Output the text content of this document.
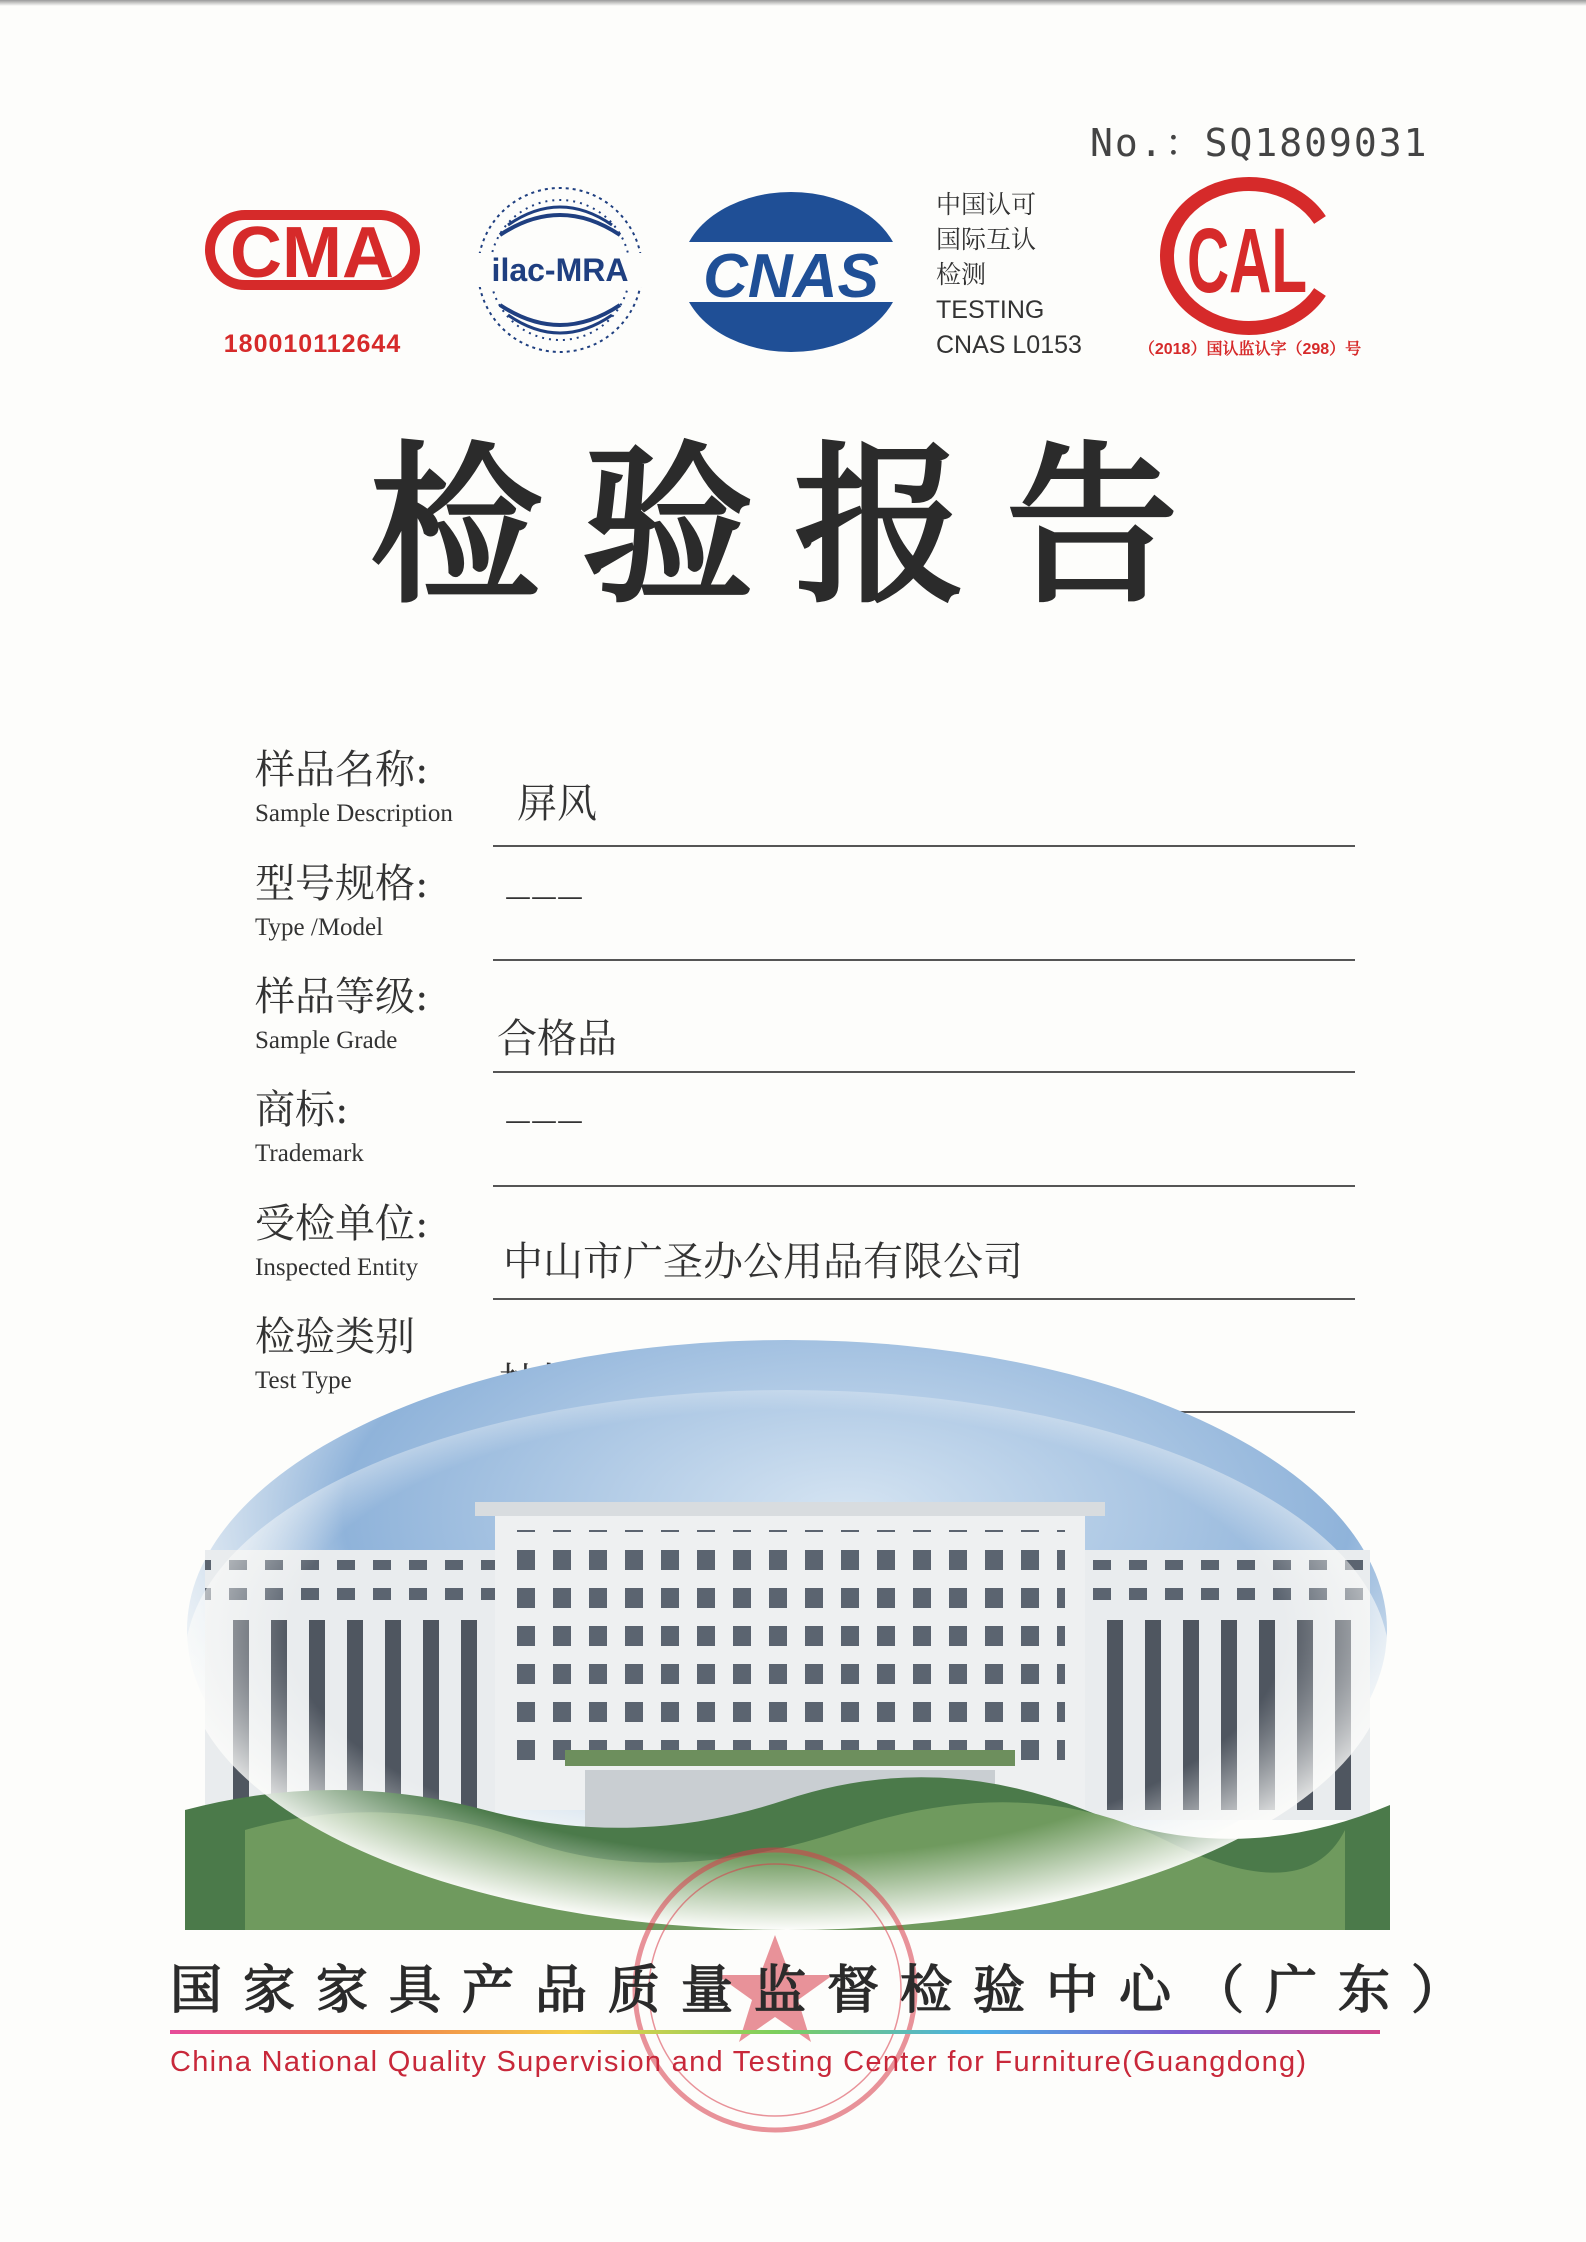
No.：SQ1809031
CMA
180010112644
ilac-MRA CNAS
中国认可
国际互认
检测
TESTING
CNAS L0153
CAL
（2018）国认监认字（298）号
检验报告
样品名称:
Sample Description 屏风
型号规格:
Type /Model
———
样品等级:
Sample Grade 合格品
商标:
Trademark
———
受检单位:
Inspected Entity 中山市广圣办公用品有限公司
检验类别
Test Type
国家家具产品质量监督检验中心（广东）
China National Quality Supervision and Testing Center for Furniture(Guangdong)
